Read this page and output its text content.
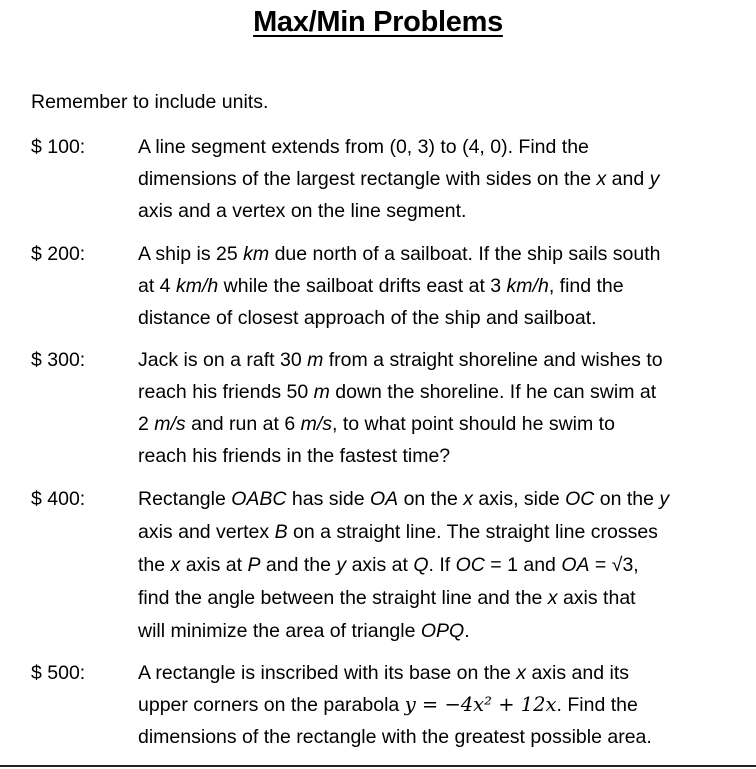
Max/Min Problems
Remember to include units.
$ 100:	A line segment extends from (0, 3) to (4, 0). Find the
dimensions of the largest rectangle with sides on the x and y
axis and a vertex on the line segment.
$ 200:	A ship is 25 km due north of a sailboat. If the ship sails south
at 4 km/h while the sailboat drifts east at 3 km/h, find the
distance of closest approach of the ship and sailboat.
$ 300:	Jack is on a raft 30 m from a straight shoreline and wishes to
reach his friends 50 m down the shoreline. If he can swim at
2 m/s and run at 6 m/s, to what point should he swim to
reach his friends in the fastest time?
$ 400:	Rectangle OABC has side OA on the x axis, side OC on the y
axis and vertex B on a straight line. The straight line crosses
the x axis at P and the y axis at Q. If OC = 1 and OA = √3,
find the angle between the straight line and the x axis that
will minimize the area of triangle OPQ.
$ 500:	A rectangle is inscribed with its base on the x axis and its
upper corners on the parabola y = −4x² + 12x. Find the
dimensions of the rectangle with the greatest possible area.
